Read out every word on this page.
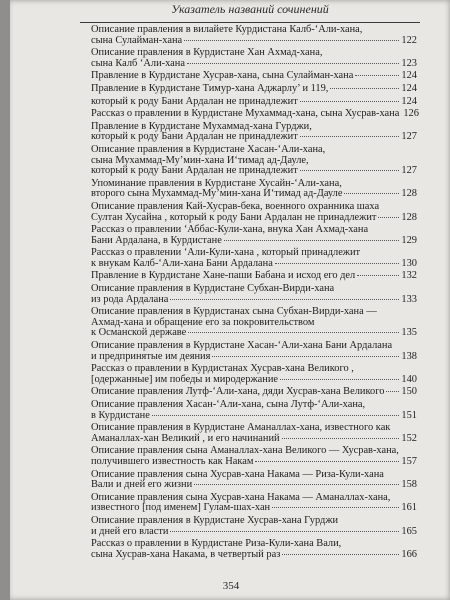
Указатель названий сочинений
Описание правления в вилайете Курдистана Калб-‘Али-хана,
сына Сулайман-хана	122
Описание правления в Курдистане Хан Ахмад-хана,
сына Калб ‘Али-хана	123
Правление в Курдистане Хусрав-хана, сына Сулайман-хана	124
Правление в Курдистане Тимур-хана Аджарлу’ и 119,	124
который к роду Бани Ардалан не принадлежит	124
Рассказ о правлении в Курдистане Мухаммад-хана, сына Хусрав-хана 126
Правление в Курдистане Мухаммад-хана Гурджи,
который к роду Бани Ардалан не принадлежит	127
Описание правления в Курдистане Хасан-‘Али-хана,
сына Мухаммад-Му’мин-хана И‘тимад ад-Дауле,
который к роду Бани Ардалан не принадлежит	127
Упоминание правления в Курдистане Хусайн-‘Али-хана,
второго сына Мухаммад-Му’мин-хана И‘тимад ад-Дауле	128
Описание правления Кай-Хусрав-бека, военного охранника шаха
Султан Хусайна , который к роду Бани Ардалан не принадлежит 128
Рассказ о правлении ‘Аббас-Кули-хана, внука Хан Ахмад-хана
Бани Ардалана, в Курдистане	129
Рассказ о правлении ‘Али-Кули-хана , который принадлежит
к внукам Калб-‘Али-хана Бани Ардалана	130
Правление в Курдистане Хане-паши Бабана и исход его дел	132
Описание правления в Курдистане Субхан-Вирди-хана
из рода Ардалана	133
Описание правления в Курдистанах сына Субхан-Вирди-хана —
Ахмад-хана и обращение его за покровительством
к Османской державе	135
Описание правления в Курдистане Хасан-‘Али-хана Бани Ардалана
и предпринятые им деяния	138
Рассказ о правлении в Курдистанах Хусрав-хана Великого ,
[одержанные] им победы и миродержание	140
Описание правления Лутф-‘Али-хана, дяди Хусрав-хана Великого 150
Описание правления Хасан-‘Али-хана, сына Лутф-‘Али-хана,
в Курдистане	151
Описание правления в Курдистане Аманаллах-хана, известного как
Аманаллах-хан Великий , и его начинаний	152
Описание правления сына Аманаллах-хана Великого — Хусрав-хана,
получившего известность как Накам	157
Описание правления сына Хусрав-хана Накама — Риза-Кули-хана
Вали и дней его жизни	158
Описание правления сына Хусрав-хана Накама — Аманаллах-хана,
известного [под именем] Гулам-шах-хан	161
Описание правления в Курдистане Хусрав-хана Гурджи
и дней его власти	165
Рассказ о правлении в Курдистане Риза-Кули-хана Вали,
сына Хусрав-хана Накама, в четвертый раз	166
354
